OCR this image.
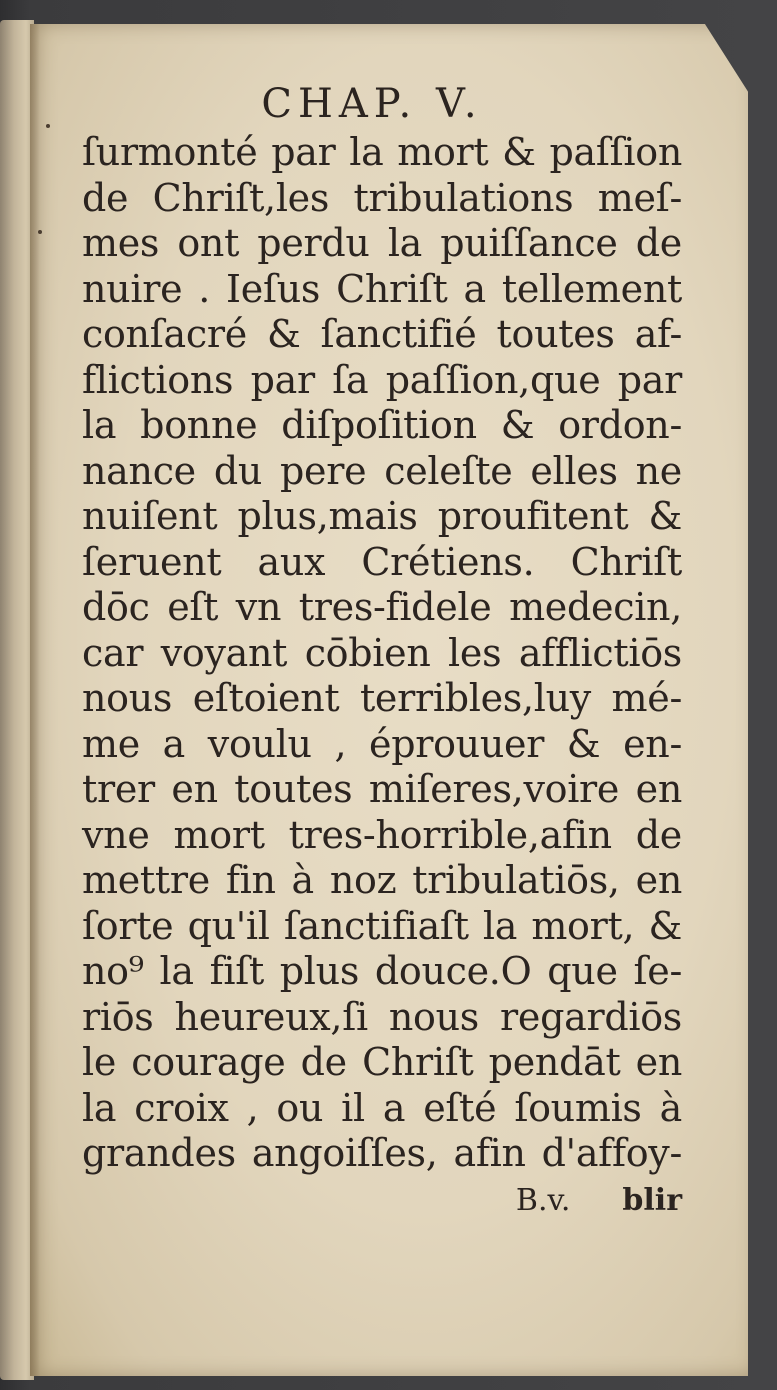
CHAP. V.
ſurmonté par la mort & paſſion
de Chriſt,les tribulations meſ-
mes ont perdu la puiſſance de
nuire . Ieſus Chriſt a tellement
conſacré & ſanctifié toutes af-
flictions par ſa paſſion,que par
la bonne diſpoſition & ordon-
nance du pere celeſte elles ne
nuiſent plus,mais proufitent &
ſeruent aux Crétiens. Chriſt
dōc eſt vn tres-fidele medecin,
car voyant cōbien les afflictiōs
nous eſtoient terribles,luy mé-
me a voulu , éprouuer & en-
trer en toutes miſeres,voire en
vne mort tres-horrible,afin de
mettre fin à noz tribulatiōs, en
ſorte qu'il ſanctifiaſt la mort, &
no⁹ la fiſt plus douce.O que ſe-
riōs heureux,ſi nous regardiōs
le courage de Chriſt pendāt en
la croix , ou il a eſté ſoumis à
grandes angoiſſes, afin d'affoy-
B.v. blir
